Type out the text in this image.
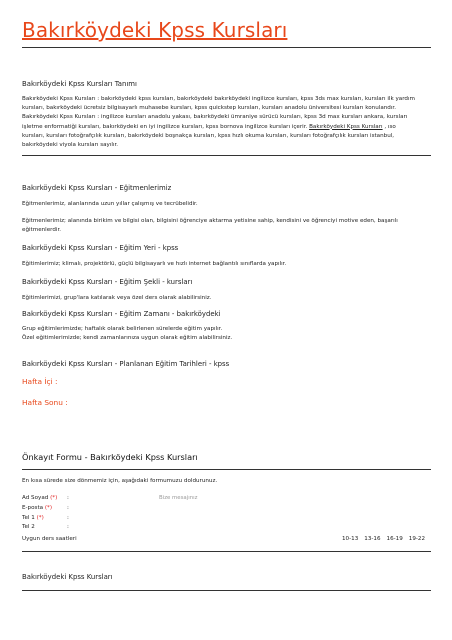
Bakırköydeki Kpss Kursları
Bakırköydeki Kpss Kursları Tanımı
Bakırköydeki Kpss Kursları : bakırköydeki kpss kursları, bakırköydeki bakırköydeki ingilizce kursları, kpss 3ds max kursları, kursları ilk yardım
kursları, bakırköydeki ücretsiz bilgisayarlı muhasebe kursları, kpss quickstep kursları, kursları anadolu üniversitesi kursları konulandır.
Bakırköydeki Kpss Kursları : ingilizce kursları anadolu yakası, bakırköydeki ümraniye sürücü kursları, kpss 3d max kursları ankara, kursları
işletme enformatiği kursları, bakırköydeki en iyi ingilizce kursları, kpss bornova ingilizce kursları içerir. Bakırköydeki Kpss Kursları , ıso
kursları, kursları fotoğrafçılık kursları, bakırköydeki boşnakça kursları, kpss hızlı okuma kursları, kursları fotoğrafçılık kursları istanbul,
bakırköydeki viyola kursları sayılır.
Bakırköydeki Kpss Kursları - Eğitmenlerimiz
Eğitmenlerimiz, alanlarında uzun yıllar çalışmış ve tecrübelidir.
Eğitmenlerimiz; alanında birikim ve bilgisi olan, bilgisini öğrenciye aktarma yetisine sahip, kendisini ve öğrenciyi motive eden, başarılı
eğitmenlerdir.
Bakırköydeki Kpss Kursları - Eğitim Yeri - kpss
Eğitimlerimiz; klimalı, projektörlü, güçlü bilgisayarlı ve hızlı internet bağlantılı sınıflarda yapılır.
Bakırköydeki Kpss Kursları - Eğitim Şekli - kursları
Eğitimlerimizi, grup'lara katılarak veya özel ders olarak alabilirsiniz.
Bakırköydeki Kpss Kursları - Eğitim Zamanı - bakırköydeki
Grup eğitimlerimizde; haftalık olarak belirlenen sürelerde eğitim yapılır.
Özel eğitimlerimizde; kendi zamanlarınıza uygun olarak eğitim alabilirsiniz.
Bakırköydeki Kpss Kursları - Planlanan Eğitim Tarihleri - kpss
Hafta İçi :
Hafta Sonu :
Önkayıt Formu - Bakırköydeki Kpss Kursları
En kısa sürede size dönmemiz için, aşağıdaki formumuzu doldurunuz.
Ad Soyad (*) :	Bize mesajınız
E-posta (*)	:
Tel 1 (*)	:
Tel 2	:
Uygun ders saatleri	10-13 13-16 16-19 19-22
Bakırköydeki Kpss Kursları
